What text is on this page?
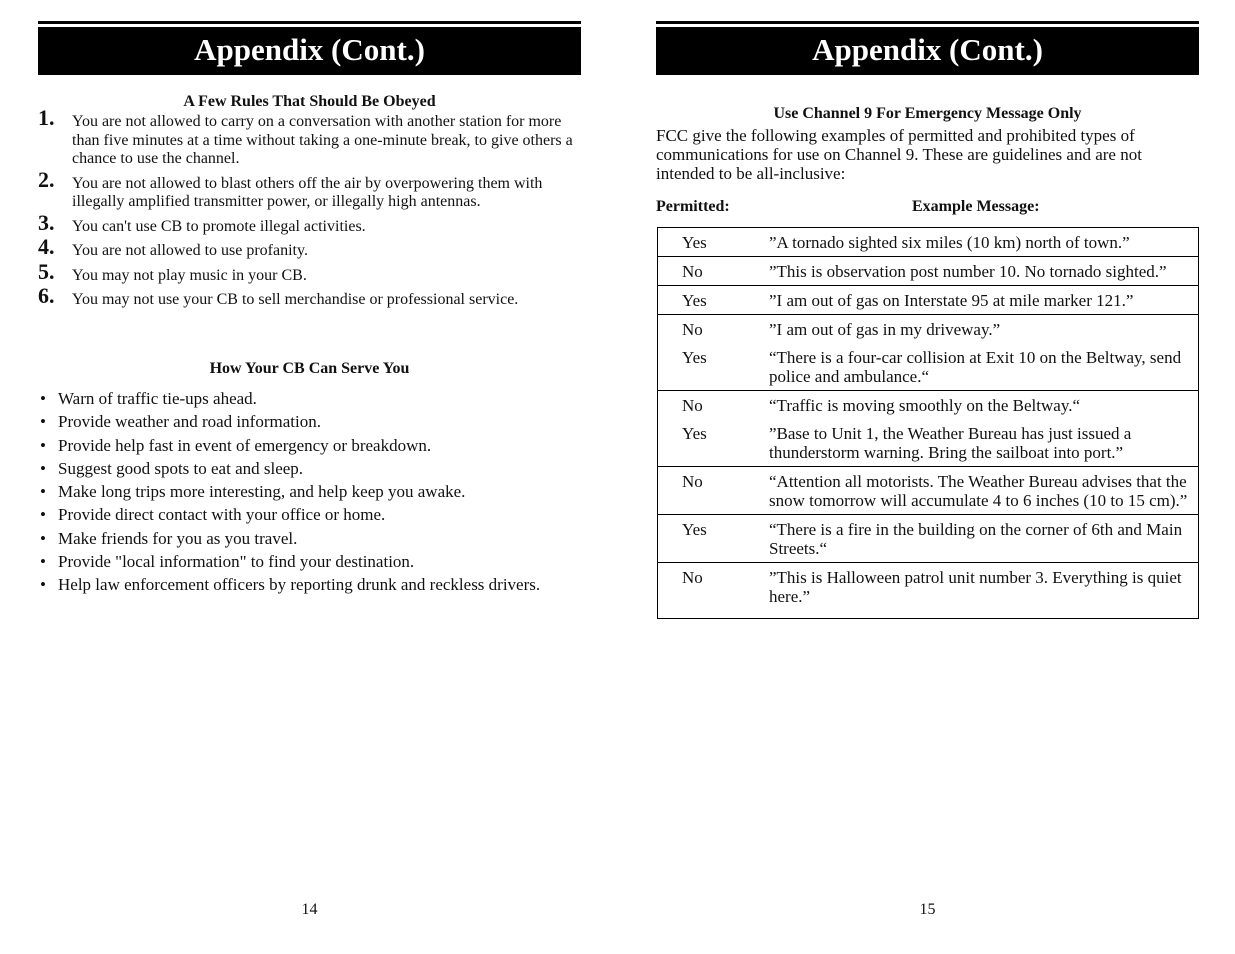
Appendix (Cont.)
A Few Rules That Should Be Obeyed
1. You are not allowed to carry on a conversation with another station for more than five minutes at a time without taking a one-minute break, to give others a chance to use the channel.
2. You are not allowed to blast others off the air by overpowering them with illegally amplified transmitter power, or illegally high antennas.
3. You can't use CB to promote illegal activities.
4. You are not allowed to use profanity.
5. You may not play music in your CB.
6. You may not use your CB to sell merchandise or professional service.
How Your CB Can Serve You
• Warn of traffic tie-ups ahead.
• Provide weather and road information.
• Provide help fast in event of emergency or breakdown.
• Suggest good spots to eat and sleep.
• Make long trips more interesting, and help keep you awake.
• Provide direct contact with your office or home.
• Make friends for you as you travel.
• Provide "local information" to find your destination.
• Help law enforcement officers by reporting drunk and reckless drivers.
14
Appendix (Cont.)
Use Channel 9 For Emergency Message Only
FCC give the following examples of permitted and prohibited types of communications for use on Channel 9. These are guidelines and are not intended to be all-inclusive:
Permitted:	Example Message:
Yes	”A tornado sighted six miles (10 km) north of town.”
No	”This is observation post number 10. No tornado sighted.”
Yes	”I am out of gas on Interstate 95 at mile marker 121.”
No	”I am out of gas in my driveway.”
Yes	“There is a four-car collision at Exit 10 on the Beltway, send police and ambulance.“
No	“Traffic is moving smoothly on the Beltway.“
Yes	”Base to Unit 1, the Weather Bureau has just issued a thunderstorm warning. Bring the sailboat into port.”
No	“Attention all motorists. The Weather Bureau advises that the snow tomorrow will accumulate 4 to 6 inches (10 to 15 cm).”
Yes	“There is a fire in the building on the corner of 6th and Main Streets.“
No	”This is Halloween patrol unit number 3. Everything is quiet here.”
15
